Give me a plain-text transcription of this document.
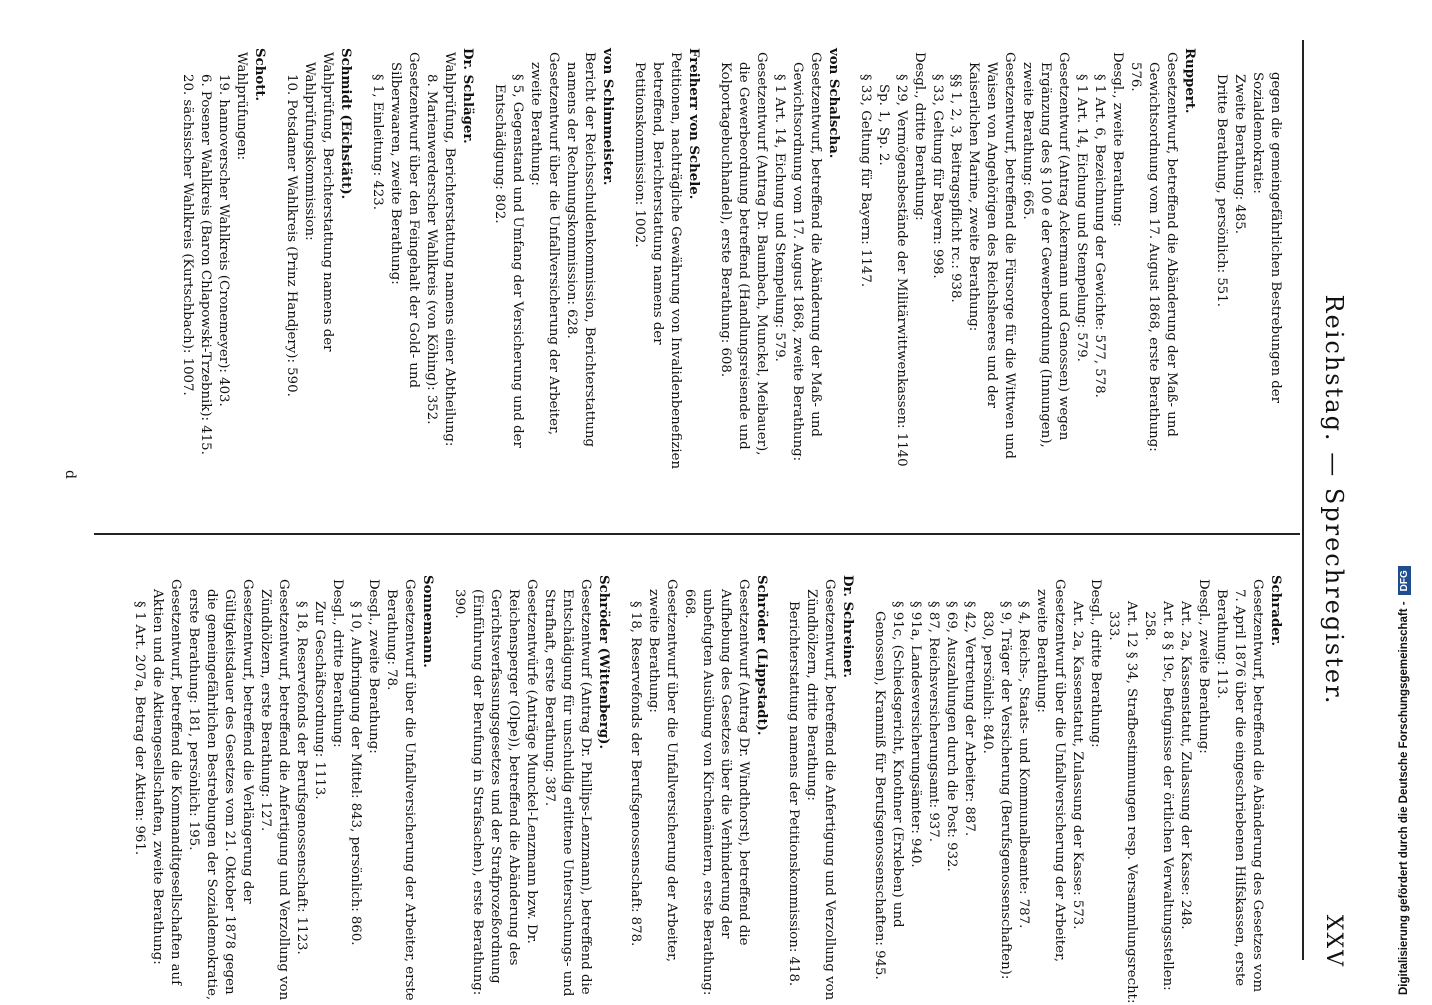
Reichstag. — Sprechregister.
XXV
gegen die gemeingefährlichen Bestrebungen der Sozialdemokratie:
Zweite Berathung: 485.
Dritte Berathung, persönlich: 551.
Ruppert.
Gesetzentwurf, betreffend die Abänderung der Maß- und Gewichtsordnung vom 17. August 1868, erste Berathung: 576.
Desgl., zweite Berathung:
§ 1 Art. 6, Bezeichnung der Gewichte: 577, 578.
§ 1 Art. 14, Eichung und Stempelung: 579.
Gesetzentwurf (Antrag Ackermann und Genossen) wegen Ergänzung des § 100 e der Gewerbeordnung (Innungen), zweite Berathung: 665.
Gesetzentwurf, betreffend die Fürsorge für die Wittwen und Waisen von Angehörigen des Reichsheeres und der Kaiserlichen Marine, zweite Berathung:
§§ 1, 2, 3, Beitragspflicht rc.: 938.
§ 33, Geltung für Bayern: 998.
Desgl., dritte Berathung:
§ 29, Vermögensbestände der Militärwittwenkassen: 1140 Sp. 1, Sp. 2.
§ 33, Geltung für Bayern: 1147.
von Schalscha.
Gesetzentwurf, betreffend die Abänderung der Maß- und Gewichtsordnung vom 17. August 1868, zweite Berathung:
§ 1 Art. 14, Eichung und Stempelung: 579.
Gesetzentwurf (Antrag Dr. Baumbach, Munckel, Meibauer), die Gewerbeordnung betreffend (Handlungsreisende und Kolportagebuchhandel), erste Berathung: 608.
Freiherr von Schele.
Petitionen, nachträgliche Gewährung von Invalidenbenefizien betreffend, Berichterstattung namens der Petitionskommission: 1002.
von Schimmeister.
Bericht der Reichsschuldenkommission, Berichterstattung namens der Rechnungskommission: 628.
Gesetzentwurf über die Unfallversicherung der Arbeiter, zweite Berathung:
§ 5, Gegenstand und Umfang der Versicherung und der Entschädigung: 802.
Dr. Schläger.
Wahlprüfung, Berichterstattung namens einer Abtheilung:
8. Marienwerderscher Wahlkreis (von Köhing): 352.
Gesetzentwurf über den Feingehalt der Gold- und Silberwaaren, zweite Berathung:
§ 1, Einleitung: 423.
Schmidt (Eichstätt).
Wahlprüfung, Berichterstattung namens der Wahlprüfungskommission:
10. Potsdamer Wahlkreis (Prinz Handjery): 590.
Schott.
Wahlprüfungen:
19. hannoverscher Wahlkreis (Cronemeyer): 403.
6. Posener Wahlkreis (Baron Chlapowski-Trzebnik): 415.
20. sächsischer Wahlkreis (Kurtschbach): 1007.
Schrader.
Gesetzentwurf, betreffend die Abänderung des Gesetzes vom 7. April 1876 über die eingeschriebenen Hilfskassen, erste Berathung: 113.
Desgl., zweite Berathung:
Art. 2a, Kassenstatut, Zulassung der Kasse: 248.
Art. 8 § 19c, Befugnisse der örtlichen Verwaltungsstellen: 258.
Art. 12 § 34, Strafbestimmungen resp. Versammlungsrecht: 333.
Desgl., dritte Berathung:
Art. 2a, Kassenstatut, Zulassung der Kasse: 573.
Gesetzentwurf über die Unfallversicherung der Arbeiter, zweite Berathung:
§ 4, Reichs-, Staats- und Kommunalbeamte: 787.
§ 9, Träger der Versicherung (Berufsgenossenschaften): 830, persönlich: 840.
§ 42, Vertretung der Arbeiter: 887.
§ 69, Auszahlungen durch die Post: 932.
§ 87, Reichsversicherungsamt: 937.
§ 91a, Landesversicherungsämter: 940.
§ 91c, (Schiedsgericht, Knothner (Erxleben) und Genossen), Kranmiß für Berufsgenossenschaften: 945.
Dr. Schreiner.
Gesetzentwurf, betreffend die Anfertigung und Verzollung von Zündhölzern, dritte Berathung:
Berichterstattung namens der Petitionskommission: 418.
Schröder (Lippstadt).
Gesetzentwurf (Antrag Dr. Windthorst), betreffend die Aufhebung des Gesetzes über die Verhinderung der unbefugten Ausübung von Kirchenämtern, erste Berathung: 668.
Gesetzentwurf über die Unfallversicherung der Arbeiter, zweite Berathung:
§ 18, Reservefonds der Berufsgenossenschaft: 878.
Schröder (Wittenberg).
Gesetzentwurf (Antrag Dr. Phillips-Lenzmann), betreffend die Entschädigung für unschuldig erlittene Untersuchungs- und Strafhaft, erste Berathung: 387.
Gesetzentwürfe (Anträge Munckel-Lenzmann bzw. Dr. Reichensperger (Olpe)), betreffend die Abänderung des Gerichtsverfassungsgesetzes und der Strafprozeßordnung (Einführung der Berufung in Strafsachen), erste Berathung: 390.
Sonnemann.
Gesetzentwurf über die Unfallversicherung der Arbeiter, erste Berathung: 78.
Desgl., zweite Berathung:
§ 10, Aufbringung der Mittel: 843, persönlich: 860.
Desgl., dritte Berathung:
Zur Geschäftsordnung: 1113.
§ 18, Reservefonds der Berufsgenossenschaft: 1123.
Gesetzentwurf, betreffend die Anfertigung und Verzollung von Zündhölzern, erste Berathung: 127.
Gesetzentwurf, betreffend die Verlängerung der Gültigkeitsdauer des Gesetzes vom 21. Oktober 1878 gegen die gemeingefährlichen Bestrebungen der Sozialdemokratie, erste Berathung: 181, persönlich: 195.
Gesetzentwurf, betreffend die Kommanditgesellschaften auf Aktien und die Aktiengesellschaften, zweite Berathung:
§ 1 Art. 207a, Betrag der Aktien: 961.
d
Digitalisierung gefördert durch die Deutsche Forschungsgemeinschaft -
DFG
